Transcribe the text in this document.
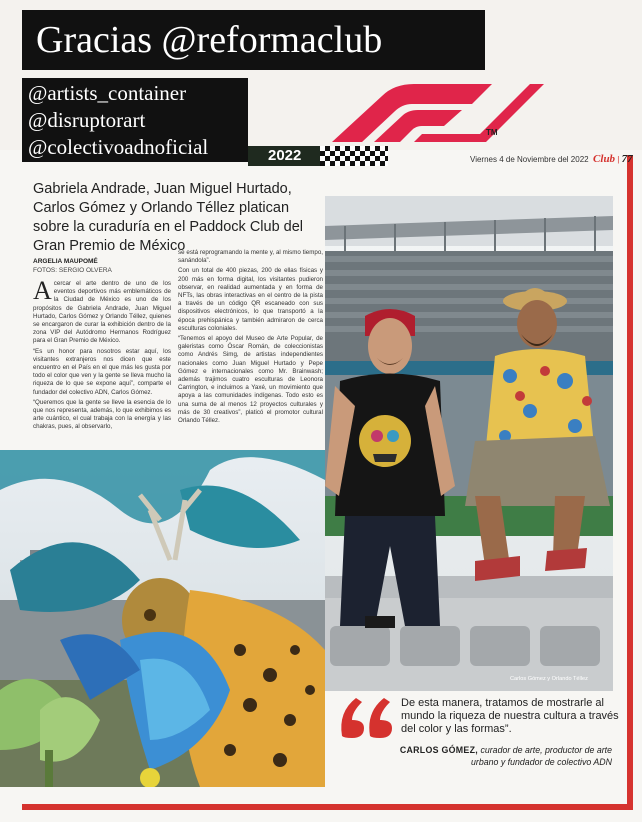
Carlos Gómez y Orlando Téllez
Gracias @reformaclub
@artists_container
@disruptorart
@colectivoadnoficial
TM
2022	Viernes 4 de Noviembre del 2022 Club | 77
Gabriela Andrade, Juan Miguel Hurtado, Carlos Gómez y Orlando Téllez platican sobre la curaduría en el Paddock Club del Gran Premio de México
ARGELIA MAUPOMÉ
FOTOS: SERGIO OLVERA

Acercar el arte dentro de uno de los eventos deportivos más emblemáticos de la Ciudad de México es uno de los propósitos de Gabriela Andrade, Juan Miguel Hurtado, Carlos Gómez y Orlando Téllez, quienes se encargaron de curar la exhibición dentro de la zona VIP del Autódromo Hermanos Rodríguez para el Gran Premio de México.

“Es un honor para nosotros estar aquí, los visitantes extranjeros nos dicen que este encuentro en el País en el que más les gusta por todo el color que ven y la gente se lleva mucho la riqueza de lo que se expone aquí”, comparte el fundador del colectivo ADN, Carlos Gómez.

“Queremos que la gente se lleve la esencia de lo que nos representa, además, lo que exhibimos es arte cuántico, el cual trabaja con la energía y las chakras, pues, al observarlo,

se está reprogramando la mente y, al mismo tiempo, sanándola”.

Con un total de 400 piezas, 200 de ellas físicas y 200 más en forma digital, los visitantes pudieron observar, en realidad aumentada y en forma de NFTs, las obras interactivas en el centro de la pista a través de un código QR escaneado con sus dispositivos electrónicos, lo que transportó a la época prehispánica y también admiraron de cerca esculturas coloniales.

“Tenemos el apoyo del Museo de Arte Popular, de galeristas como Óscar Román, de coleccionistas como Andrés Simg, de artistas independientes nacionales como Juan Miguel Hurtado y Pepe Gómez e internacionales como Mr. Brainwash; además trajimos cuatro esculturas de Leonora Carrington, e incluimos a Yaxé, un movimiento que apoya a las comunidades indígenas. Todo esto es una suma de al menos 12 proyectos culturales y más de 30 creativos”, platicó el promotor cultural Orlando Téllez.

De esta manera, tratamos de mostrarle al mundo la riqueza de nuestra cultura a través del color y las formas”.
CARLOS GÓMEZ, curador de arte, productor de arte urbano y fundador de colectivo ADN
